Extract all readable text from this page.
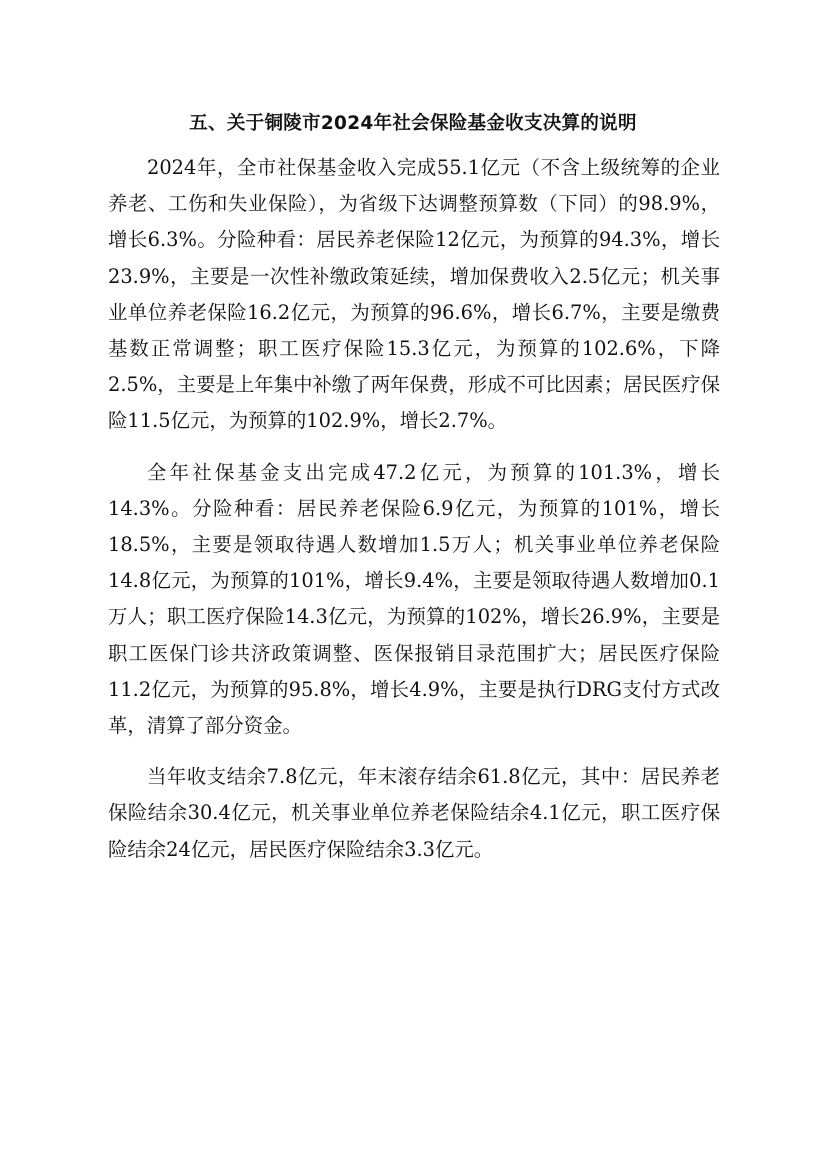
五、关于铜陵市2024年社会保险基金收支决算的说明

2024年，全市社保基金收入完成55.1亿元（不含上级统筹的企业养老、工伤和失业保险），为省级下达调整预算数（下同）的98.9%，增长6.3%。分险种看：居民养老保险12亿元，为预算的94.3%，增长23.9%，主要是一次性补缴政策延续，增加保费收入2.5亿元；机关事业单位养老保险16.2亿元，为预算的96.6%，增长6.7%，主要是缴费基数正常调整；职工医疗保险15.3亿元，为预算的102.6%，下降2.5%，主要是上年集中补缴了两年保费，形成不可比因素；居民医疗保险11.5亿元，为预算的102.9%，增长2.7%。

全年社保基金支出完成47.2亿元，为预算的101.3%，增长14.3%。分险种看：居民养老保险6.9亿元，为预算的101%，增长18.5%，主要是领取待遇人数增加1.5万人；机关事业单位养老保险14.8亿元，为预算的101%，增长9.4%，主要是领取待遇人数增加0.1万人；职工医疗保险14.3亿元，为预算的102%，增长26.9%，主要是职工医保门诊共济政策调整、医保报销目录范围扩大；居民医疗保险11.2亿元，为预算的95.8%，增长4.9%，主要是执行DRG支付方式改革，清算了部分资金。

当年收支结余7.8亿元，年末滚存结余61.8亿元，其中：居民养老保险结余30.4亿元，机关事业单位养老保险结余4.1亿元，职工医疗保险结余24亿元，居民医疗保险结余3.3亿元。
